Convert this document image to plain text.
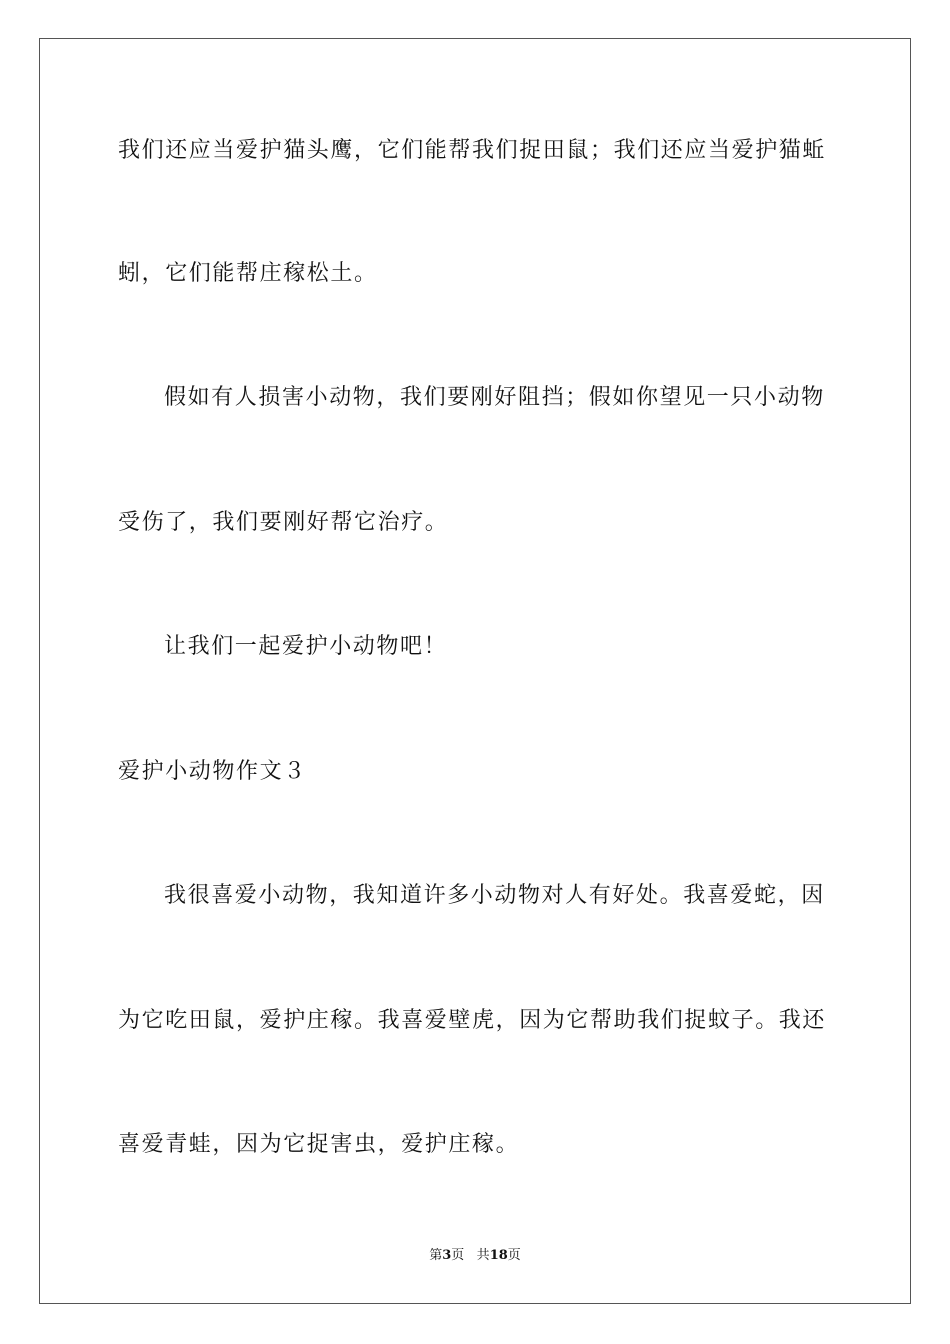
我们还应当爱护猫头鹰，它们能帮我们捉田鼠；我们还应当爱护猫蚯
蚓，它们能帮庄稼松土。
假如有人损害小动物，我们要刚好阻挡；假如你望见一只小动物
受伤了，我们要刚好帮它治疗。
让我们一起爱护小动物吧！
爱护小动物作文３
我很喜爱小动物，我知道许多小动物对人有好处。我喜爱蛇，因
为它吃田鼠，爱护庄稼。我喜爱壁虎，因为它帮助我们捉蚊子。我还
喜爱青蛙，因为它捉害虫，爱护庄稼。
第3页 共18页
